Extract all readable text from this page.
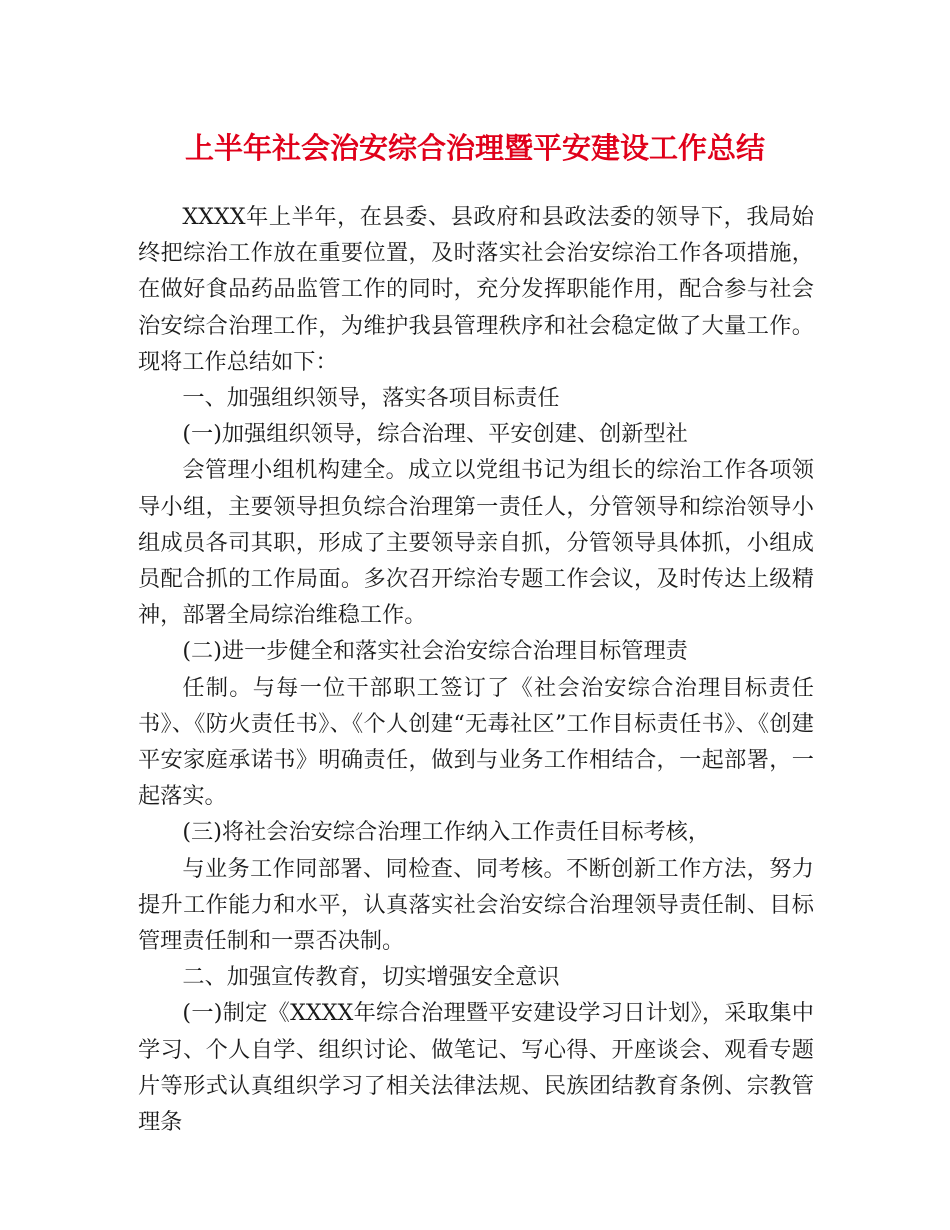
上半年社会治安综合治理暨平安建设工作总结

XXXX年上半年，在县委、县政府和县政法委的领导下，我局始终把综治工作放在重要位置，及时落实社会治安综治工作各项措施，在做好食品药品监管工作的同时，充分发挥职能作用，配合参与社会治安综合治理工作，为维护我县管理秩序和社会稳定做了大量工作。现将工作总结如下：

一、加强组织领导，落实各项目标责任

(一)加强组织领导，综合治理、平安创建、创新型社

会管理小组机构建全。成立以党组书记为组长的综治工作各项领导小组，主要领导担负综合治理第一责任人，分管领导和综治领导小组成员各司其职，形成了主要领导亲自抓，分管领导具体抓，小组成员配合抓的工作局面。多次召开综治专题工作会议，及时传达上级精神，部署全局综治维稳工作。

(二)进一步健全和落实社会治安综合治理目标管理责

任制。与每一位干部职工签订了《社会治安综合治理目标责任书》、《防火责任书》、《个人创建“无毒社区”工作目标责任书》、《创建平安家庭承诺书》明确责任，做到与业务工作相结合，一起部署，一起落实。

(三)将社会治安综合治理工作纳入工作责任目标考核，

与业务工作同部署、同检查、同考核。不断创新工作方法，努力提升工作能力和水平，认真落实社会治安综合治理领导责任制、目标管理责任制和一票否决制。

二、加强宣传教育，切实增强安全意识

(一)制定《XXXX年综合治理暨平安建设学习日计划》，采取集中学习、个人自学、组织讨论、做笔记、写心得、开座谈会、观看专题片等形式认真组织学习了相关法律法规、民族团结教育条例、宗教管理条
